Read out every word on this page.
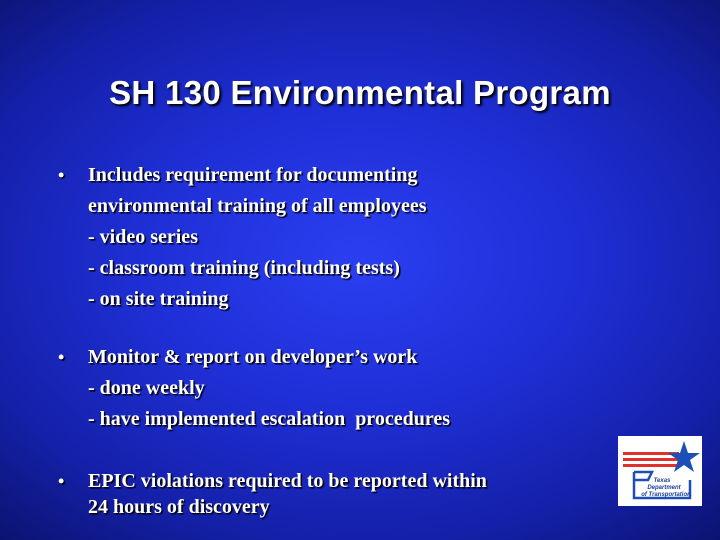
SH 130 Environmental Program
•	Includes requirement for documenting
environmental training of all employees
- video series
- classroom training (including tests)
- on site training
•	Monitor & report on developer’s work
- done weekly
- have implemented escalation  procedures
•	EPIC violations required to be reported within
24 hours of discovery
Texas
Department
of Transportation
